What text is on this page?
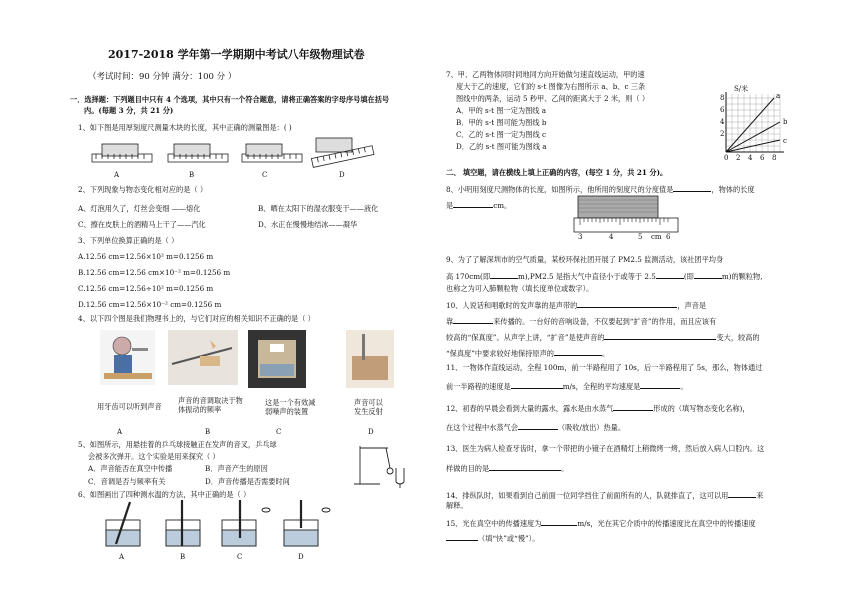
2017-2018 学年第一学期期中考试八年级物理试卷
（考试时间：90 分钟 满分：100 分 ）
一．选择题：下列题目中只有 4 个选项，其中只有一个符合题意，请将正确答案的字母序号填在括号
内。(每题 3 分，共 21 分)
1、如下图是用厚刻度尺测量木块的长度，其中正确的测量图是：( )
A	B	C	D
2、下列现象与物态变化相对应的是（ ）
A、灯泡用久了，灯丝会变细 ——熔化	B、晒在太阳下的湿衣服变干——液化
C、擦在皮肤上的酒精马上干了——汽化	D、水正在慢慢地结冰——凝华
3、下列单位换算正确的是（ ）
A.12.56 cm=12.56×10² m=0.1256 m
B.12.56 cm=12.56 cm×10⁻² m=0.1256 m
C.12.56 cm=12.56÷10² m=0.1256 m
D.12.56 cm=12.56×10⁻² cm=0.1256 m
4、以下四个图是我们物理书上的，与它们对应的相关知识不正确的是（ ）
用牙齿可以听到声音
声音的音调取决于物
体振动的频率
这是一个有效减
弱噪声的装置
声音可以
发生反射
A	B	C	D
5、如图所示，用悬挂着的乒乓球接触正在发声的音叉，乒乓球
会被多次弹开。这个实验是用来探究（ ）
A．声音能否在真空中传播	B．声音产生的原因
C．音调是否与频率有关	D．声音传播是否需要时间
6、如图画出了四种测水温的方法，其中正确的是（ ）
A	B	C	D
7、甲、乙两物体同时同地同方向开始做匀速直线运动，甲的速
度大于乙的速度，它们的 s-t 图像为右图所示 a、b、c 三条
图线中的两条，运动 5 秒甲、乙间的距离大于 2 米，则（ ）
A．甲的 s-t 图一定为图线 a
B．甲的 s-t 图可能为图线 b
C．乙的 s-t 图一定为图线 c
D．乙的 s-t 图可能为图线 a
S/米
8
6
4
2
0 2 4 6 8
a
b
c
二、 填空题，请在横线上填上正确的内容，(每空 1 分，共 21 分)。
8、小明用刻度尺测物体的长度，如图所示，他所用的刻度尺的分度值是	，物体的长度
是	cm。
3	4	5 cm 6
9、为了了解深圳市的空气质量，某校环保社团开展了 PM2.5 监测活动，该社团平均身
高 170cm(即	m),PM2.5 是指大气中直径小于或等于 2.5	(即	m)的颗粒物,
也称之为可入肺颗粒物（填长度单位或数字）。
10、人说话和唱歌时的发声靠的是声带的	，声音是
靠	来传播的。一台好的音响设备，不仅要起到“扩音”的作用，而且应该有
较高的“保真度”。从声学上讲，“扩音”是使声音的	变大，较高的
“保真度”中要求较好地保持原声的	。
11、一物体作直线运动，全程 100m，前一半路程用了 10s，后一半路程用了 5s，那么，物体通过
前一半路程的速度是	m/s，全程的平均速度是	。
12、初春的早晨会看到大量的露水，露水是由水蒸气	形成的（填写物态变化名称)，
在这个过程中水蒸气会	（吸收/放出）热量。
13、医生为病人检查牙齿时，拿一个带把的小镜子在酒精灯上稍微烤一烤，然后放入病人口腔内。这
样做的目的是	。
14、排纵队时，如果看到自己前面一位同学挡住了前面所有的人，队就排直了，这可以用	来
解释。
15、光在真空中的传播速度为	m/s，光在其它介质中的传播速度比在真空中的传播速度
（填“快”或“慢”）。
